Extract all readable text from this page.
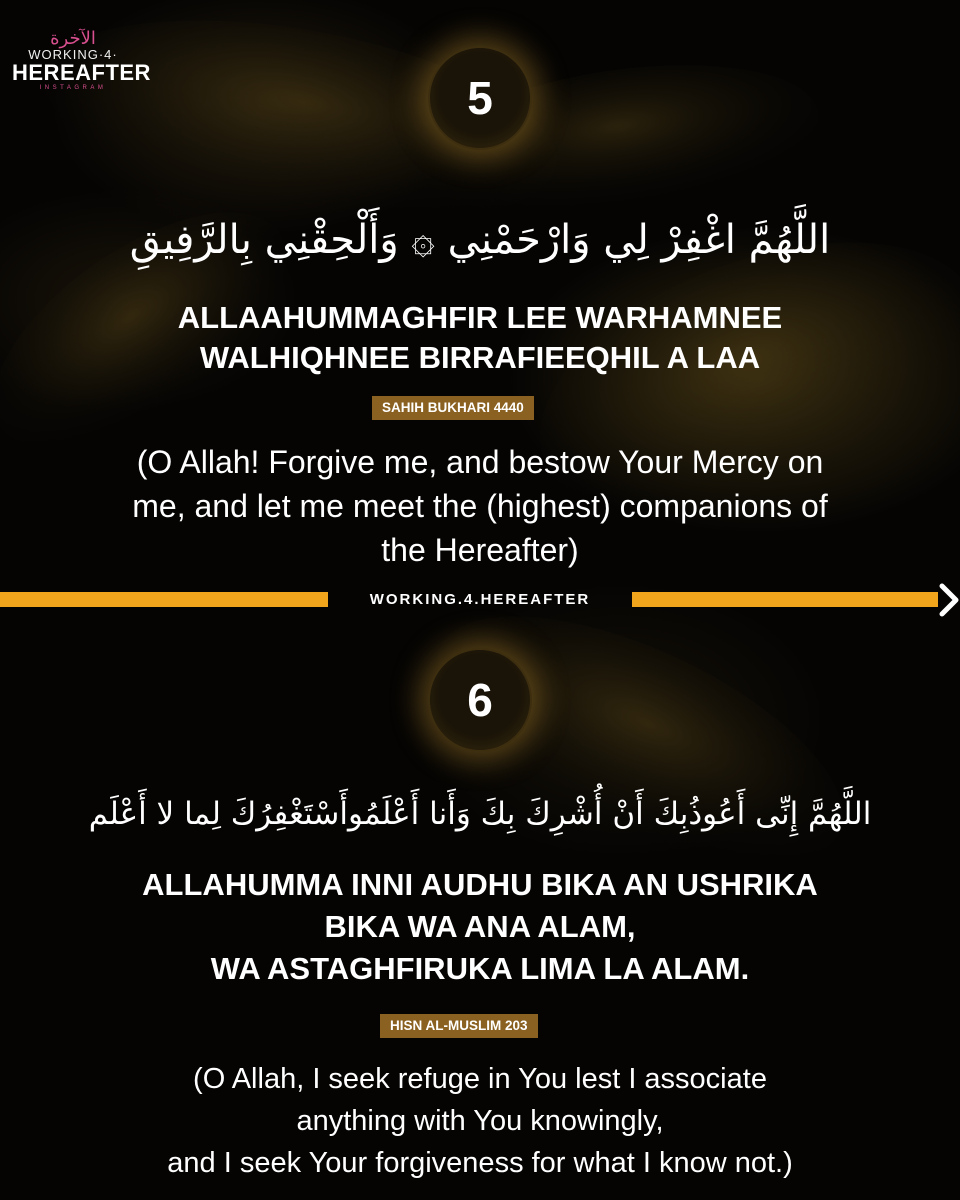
الآخرة
WORKING·4·
HEREAFTER
INSTAGRAM	5
اللَّهُمَّ اغْفِرْ لِي وَارْحَمْنِي ۞ وَأَلْحِقْنِي بِالرَّفِيقِ
ALLAAHUMMAGHFIR LEE WARHAMNEE
WALHIQHNEE BIRRAFIEEQHIL A LAA
SAHIH BUKHARI 4440
(O Allah! Forgive me, and bestow Your Mercy on
me, and let me meet the (highest) companions of
the Hereafter)
WORKING.4.HEREAFTER
6
اللَّهُمَّ إِنِّى أَعُوذُبِكَ أَنْ أُشْرِكَ بِكَ وَأَنا أَعْلَمُوأَسْتَغْفِرُكَ لِما لا أَعْلَم
ALLAHUMMA INNI AUDHU BIKA AN USHRIKA
BIKA WA ANA ALAM,
WA ASTAGHFIRUKA LIMA LA ALAM.
HISN AL-MUSLIM 203
(O Allah, I seek refuge in You lest I associate
anything with You knowingly,
and I seek Your forgiveness for what I know not.)
